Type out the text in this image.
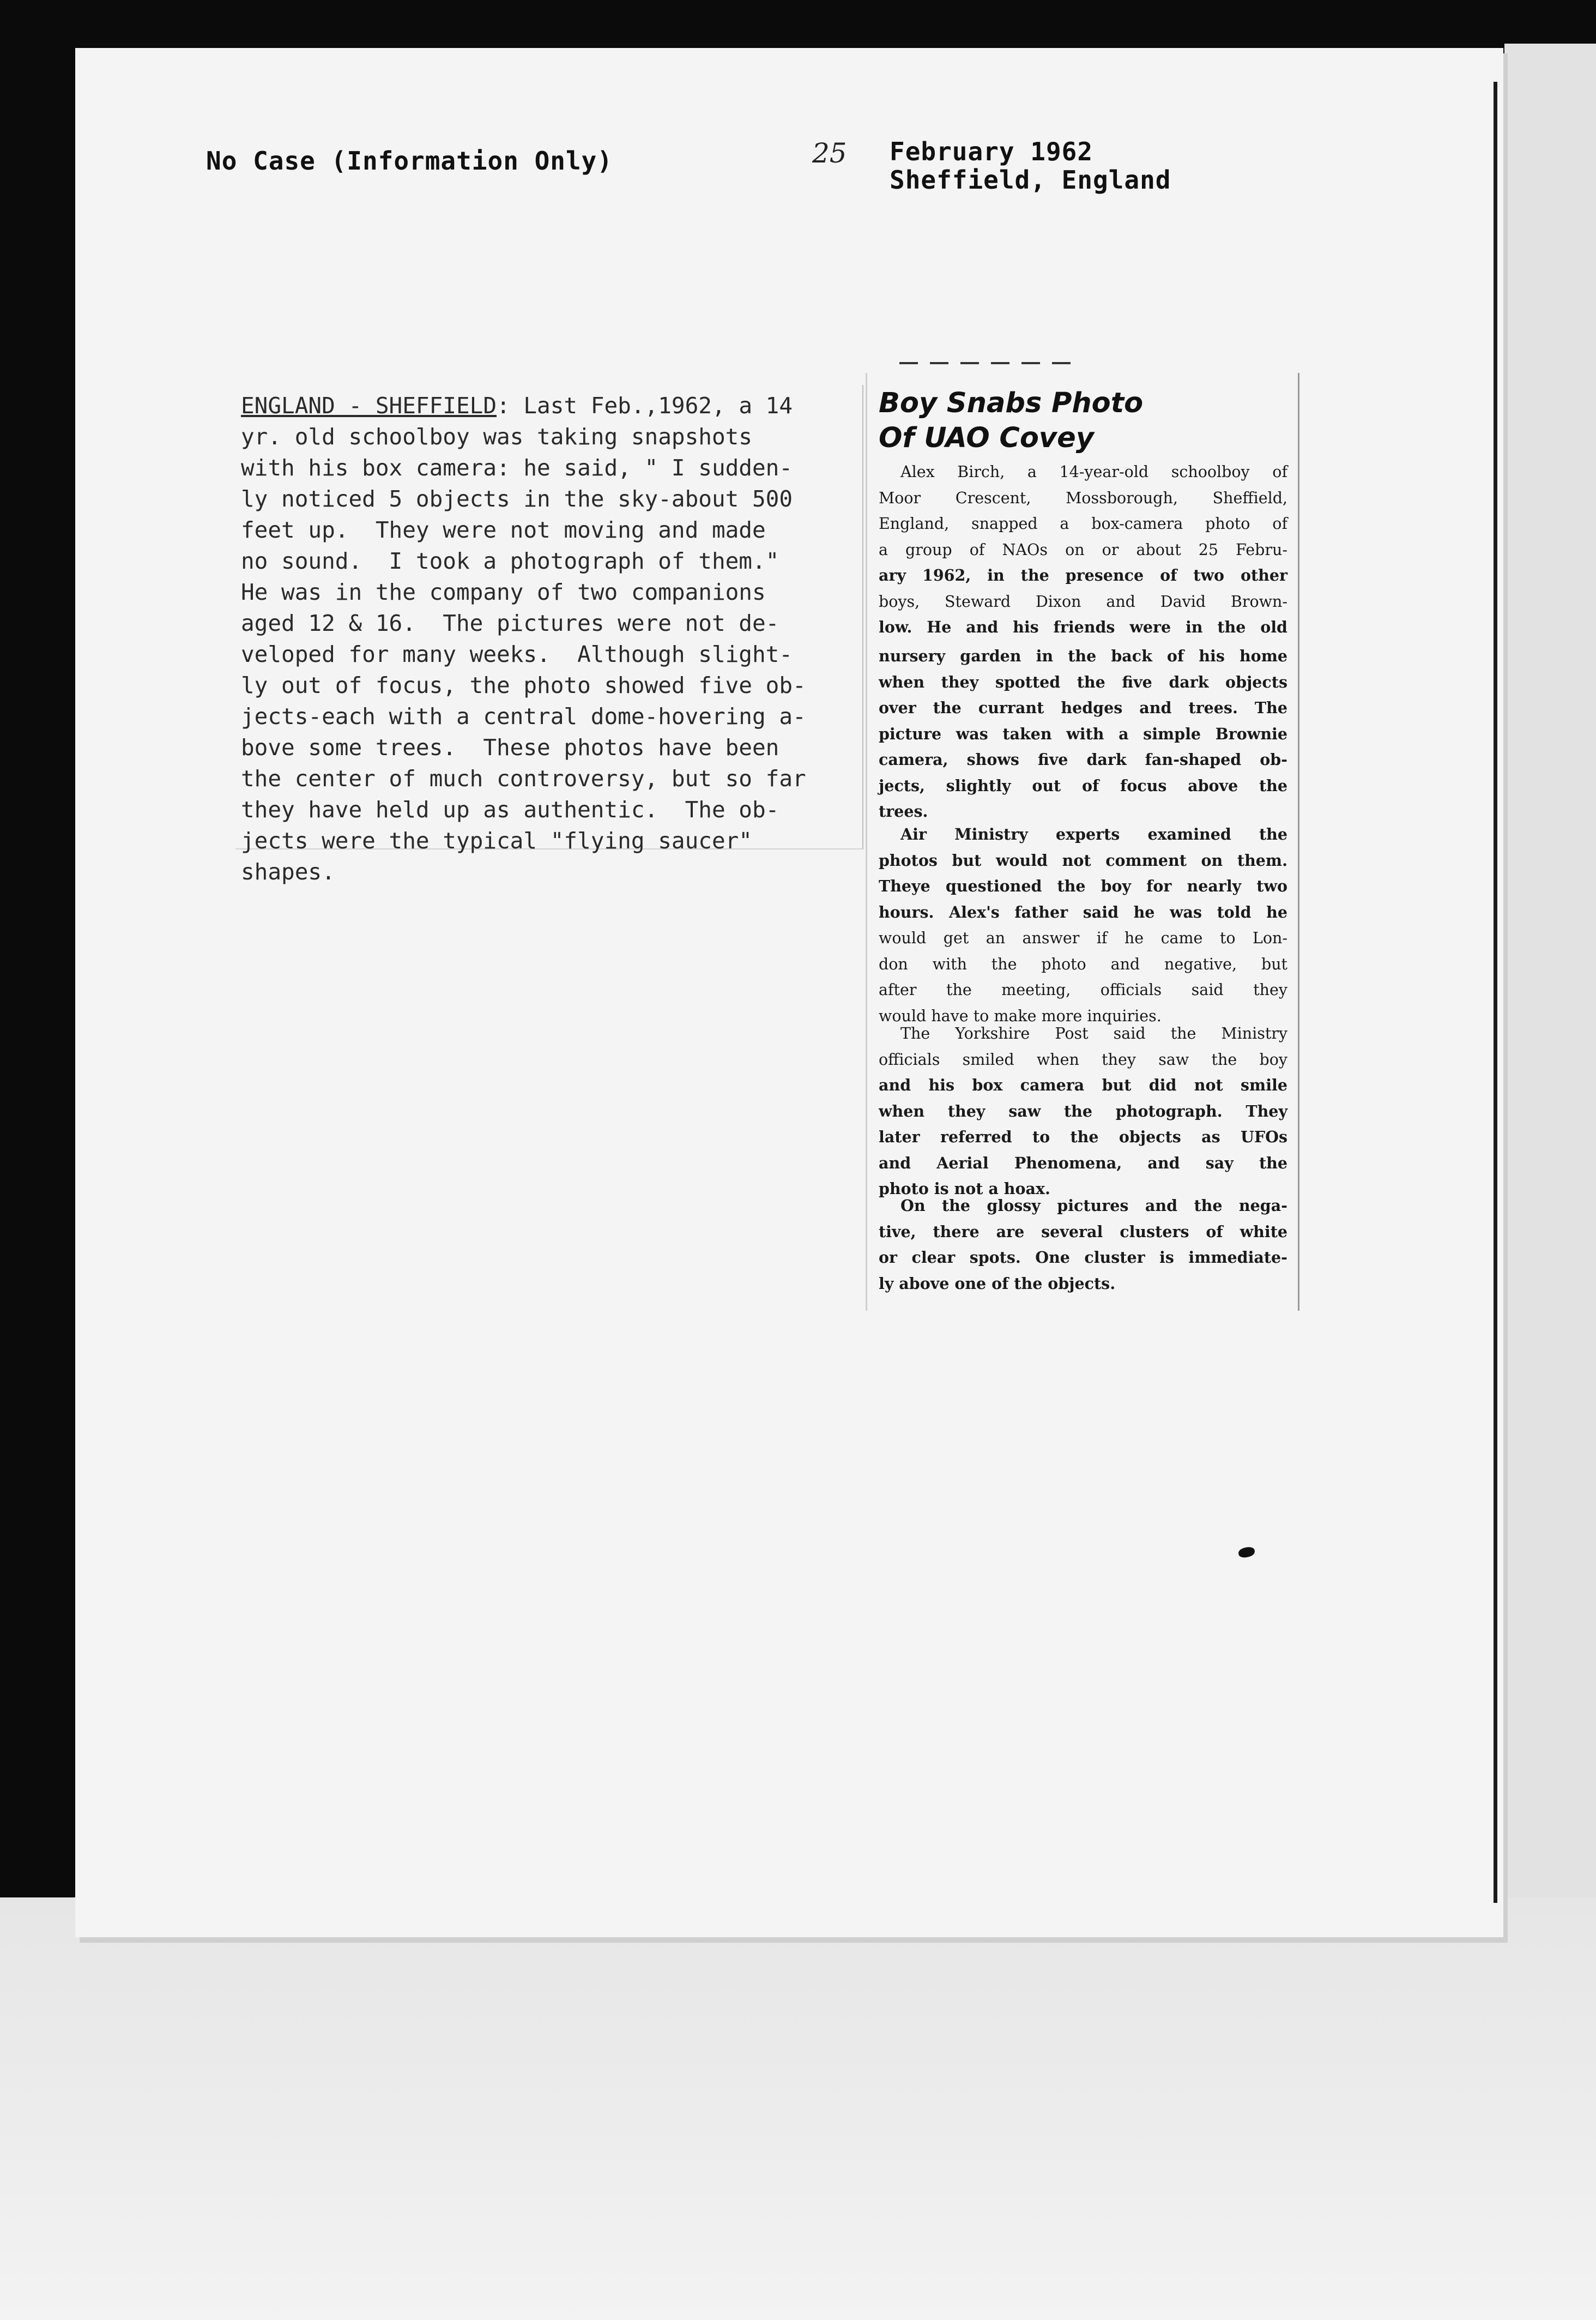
No Case (Information Only)	25 February 1962
Sheffield, England
ENGLAND - SHEFFIELD: Last Feb.,1962, a 14
yr. old schoolboy was taking snapshots
with his box camera: he said, " I sudden-
ly noticed 5 objects in the sky-about 500
feet up.  They were not moving and made
no sound.  I took a photograph of them."
He was in the company of two companions
aged 12 & 16.  The pictures were not de-
veloped for many weeks.  Although slight-
ly out of focus, the photo showed five ob-
jects-each with a central dome-hovering a-
bove some trees.  These photos have been
the center of much controversy, but so far
they have held up as authentic.  The ob-
jects were the typical "flying saucer"
shapes.
Boy Snabs Photo
Of UAO Covey
Alex Birch, a 14-year-old schoolboy of
Moor Crescent, Mossborough, Sheffield,
England, snapped a box-camera photo of
a group of NAOs on or about 25 Febru-
ary 1962, in the presence of two other
boys, Steward Dixon and David Brown-
low. He and his friends were in the old
nursery garden in the back of his home
when they spotted the five dark objects
over the currant hedges and trees. The
picture was taken with a simple Brownie
camera, shows five dark fan-shaped ob-
jects, slightly out of focus above the
trees.
Air Ministry experts examined the
photos but would not comment on them.
Theye questioned the boy for nearly two
hours. Alex's father said he was told he
would get an answer if he came to Lon-
don with the photo and negative, but
after the meeting, officials said they
would have to make more inquiries.
The Yorkshire Post said the Ministry
officials smiled when they saw the boy
and his box camera but did not smile
when they saw the photograph. They
later referred to the objects as UFOs
and Aerial Phenomena, and say the
photo is not a hoax.
On the glossy pictures and the nega-
tive, there are several clusters of white
or clear spots. One cluster is immediate-
ly above one of the objects.
